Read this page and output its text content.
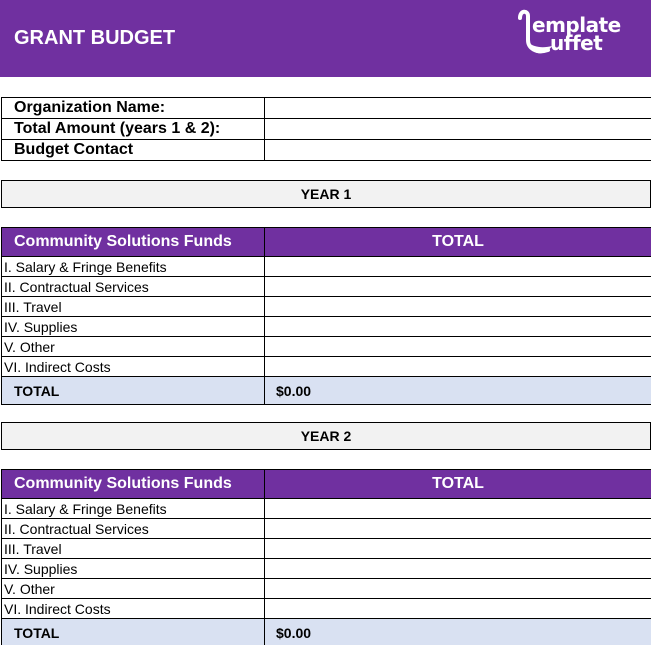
GRANT BUDGET
emplate
uffet
Organization Name:	
Total Amount (years 1 & 2):	
Budget Contact	
YEAR 1
Community Solutions Funds	TOTAL
I. Salary & Fringe Benefits	
II. Contractual Services	
III. Travel	
IV. Supplies	
V. Other	
VI. Indirect Costs	
TOTAL	$0.00
YEAR 2
Community Solutions Funds	TOTAL
I. Salary & Fringe Benefits	
II. Contractual Services	
III. Travel	
IV. Supplies	
V. Other	
VI. Indirect Costs	
TOTAL	$0.00
